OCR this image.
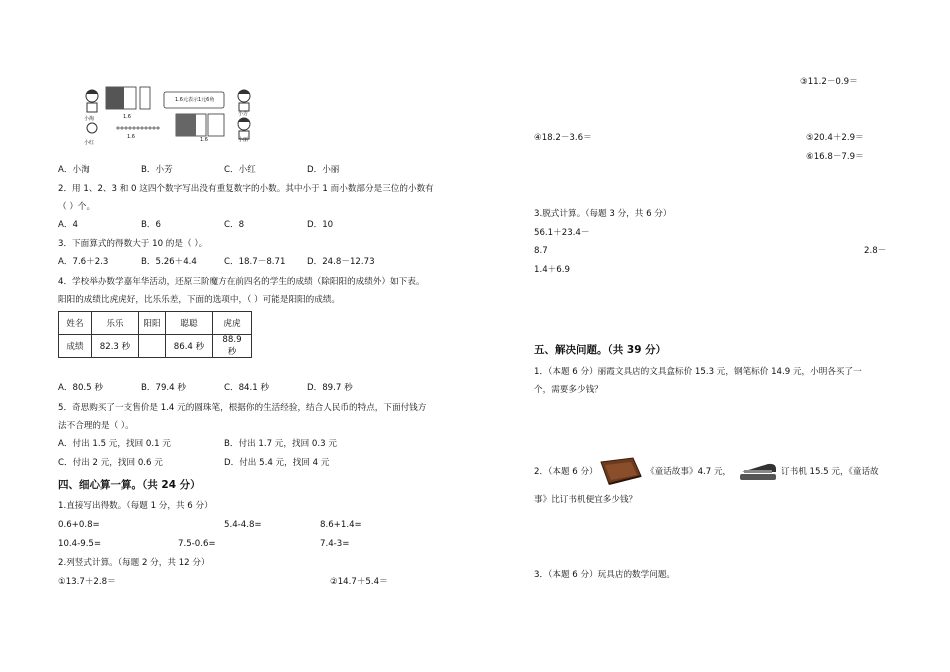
1.6元表示1元6角
小淘
小芳
小红	小丽
1.6
1.6	1.6
A．小淘	B．小芳	C．小红	D．小丽
2．用 1、2、3 和 0 这四个数字写出没有重复数字的小数。其中小于 1 而小数部分是三位的小数有
（ ）个。
A．4	B．6	C．8	D．10
3．下面算式的得数大于 10 的是（ ）。
A．7.6＋2.3	B．5.26＋4.4	C．18.7－8.71	D．24.8－12.73
4．学校举办数学嘉年华活动，还原三阶魔方在前四名的学生的成绩（除阳阳的成绩外）如下表。
阳阳的成绩比虎虎好，比乐乐差，下面的选项中，（ ）可能是阳阳的成绩。
姓名	乐乐	阳阳	聪聪	虎虎
成绩	82.3 秒		86.4 秒	88.9 秒
A．80.5 秒	B．79.4 秒	C．84.1 秒	D．89.7 秒
5．奇思购买了一支售价是 1.4 元的圆珠笔，根据你的生活经验，结合人民币的特点，下面付钱方
法不合理的是（ ）。
A．付出 1.5 元，找回 0.1 元	B．付出 1.7 元，找回 0.3 元
C．付出 2 元，找回 0.6 元	D．付出 5.4 元，找回 4 元
四、细心算一算。（共 24 分）
1.直接写出得数。（每题 1 分，共 6 分）
0.6+0.8=	5.4-4.8=	8.6+1.4=
10.4-9.5=	7.5-0.6=	7.4-3=
2.列竖式计算。（每题 2 分，共 12 分）
①13.7＋2.8＝	②14.7＋5.4＝
③11.2－0.9＝
④18.2－3.6＝	⑤20.4＋2.9＝
⑥16.8－7.9＝
3.脱式计算。（每题 3 分，共 6 分）
56.1＋23.4－
8.7	2.8－
1.4＋6.9
五、解决问题。（共 39 分）
1．（本题 6 分）丽霞文具店的文具盒标价 15.3 元，钢笔标价 14.9 元，小明各买了一
个，需要多少钱？
2．（本题 6 分）	《童话故事》4.7 元，	订书机 15.5 元，《童话故
事》比订书机便宜多少钱？
3．（本题 6 分）玩具店的数学问题。
